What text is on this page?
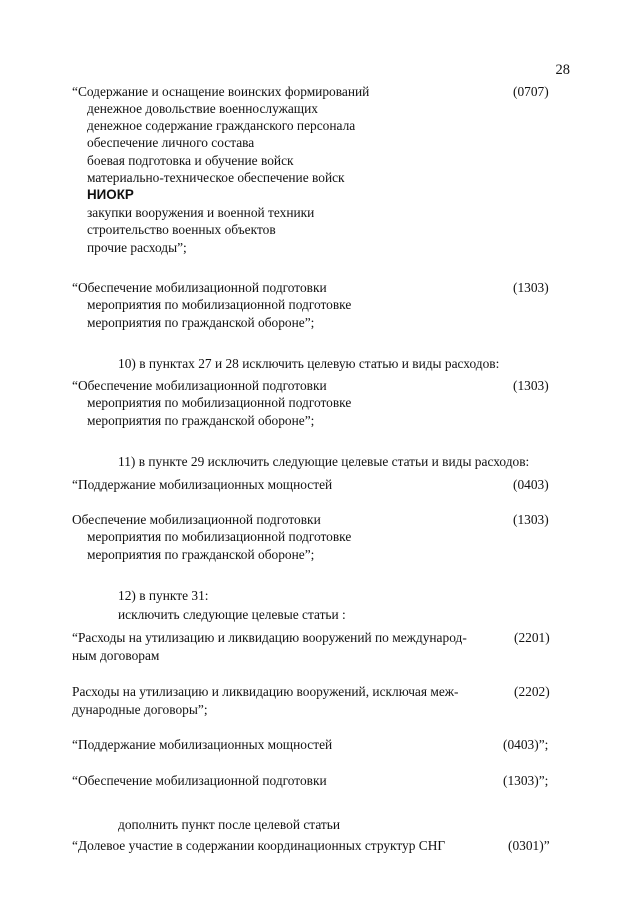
28
“Содержание и оснащение воинских формирований	(0707)
денежное довольствие военнослужащих
денежное содержание гражданского персонала
обеспечение личного состава
боевая подготовка и обучение войск
материально-техническое обеспечение войск
НИОКР
закупки вооружения и военной техники
строительство военных объектов
прочие расходы”;
“Обеспечение мобилизационной подготовки	(1303)
мероприятия по мобилизационной подготовке
мероприятия по гражданской обороне”;
10) в пунктах 27 и 28 исключить целевую статью и виды расходов:
“Обеспечение мобилизационной подготовки	(1303)
мероприятия по мобилизационной подготовке
мероприятия по гражданской обороне”;
11) в пункте 29 исключить следующие целевые статьи и виды расходов:
“Поддержание мобилизационных мощностей	(0403)
Обеспечение мобилизационной подготовки	(1303)
мероприятия по мобилизационной подготовке
мероприятия по гражданской обороне”;
12) в пункте 31:
исключить следующие целевые статьи :
“Расходы на утилизацию и ликвидацию вооружений по международ-	(2201)
ным договорам
Расходы на утилизацию и ликвидацию вооружений, исключая меж-	(2202)
дународные договоры”;
“Поддержание мобилизационных мощностей	(0403)”;
“Обеспечение мобилизационной подготовки	(1303)”;
дополнить пункт после целевой статьи
“Долевое участие в содержании координационных структур СНГ	(0301)”
